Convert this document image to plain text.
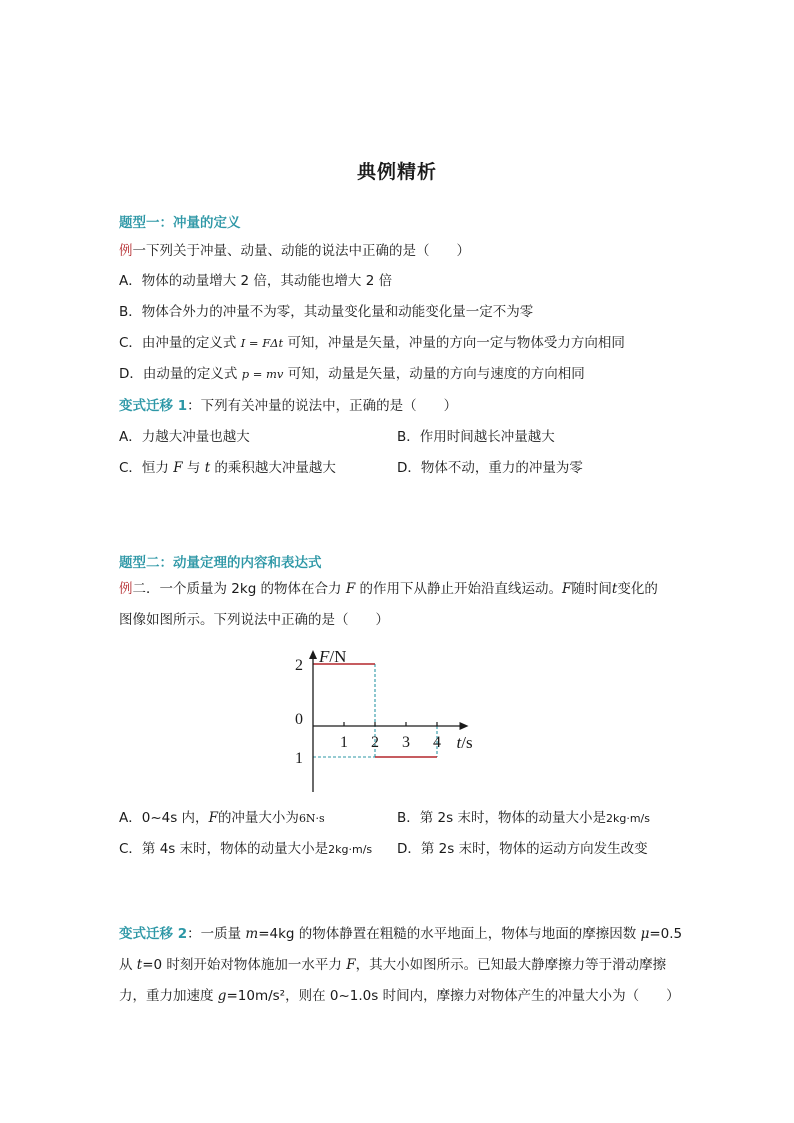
典例精析
题型一：冲量的定义
例一下列关于冲量、动量、动能的说法中正确的是（　　）
A．物体的动量增大 2 倍，其动能也增大 2 倍
B．物体合外力的冲量不为零，其动量变化量和动能变化量一定不为零
C．由冲量的定义式 I = FΔt 可知，冲量是矢量，冲量的方向一定与物体受力方向相同
D．由动量的定义式 p = mv 可知，动量是矢量，动量的方向与速度的方向相同
变式迁移 1：下列有关冲量的说法中，正确的是（　　）
A．力越大冲量也越大	B．作用时间越长冲量越大
C．恒力 F 与 t 的乘积越大冲量越大	D．物体不动，重力的冲量为零
题型二：动量定理的内容和表达式
例二．一个质量为 2kg 的物体在合力 F 的作用下从静止开始沿直线运动。F随时间t变化的
图像如图所示。下列说法中正确的是（　　）
1 2 3 4
2
1
0
F/N
t/s
A．0~4s 内，F的冲量大小为6N·s	B．第 2s 末时，物体的动量大小是2kg·m/s
C．第 4s 末时，物体的动量大小是2kg·m/s D．第 2s 末时，物体的运动方向发生改变
变式迁移 2：一质量 m=4kg 的物体静置在粗糙的水平地面上，物体与地面的摩擦因数 μ=0.5
从 t=0 时刻开始对物体施加一水平力 F，其大小如图所示。已知最大静摩擦力等于滑动摩擦
力，重力加速度 g=10m/s²，则在 0~1.0s 时间内，摩擦力对物体产生的冲量大小为（　　）
